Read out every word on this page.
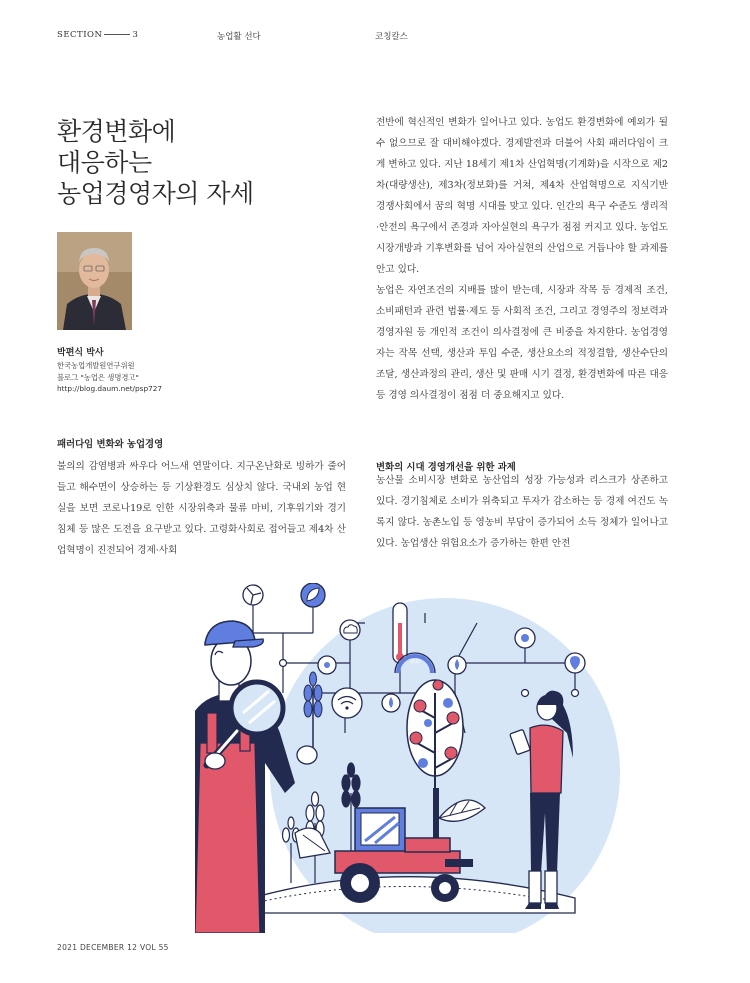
SECTION	3	농업활 선다	코칭칼스
환경변화에
대응하는
농업경영자의 자세
박편식 박사
한국농업개발원연구위원
블로그 "농업은 생명경고"
http://blog.daum.net/psp727
패러다임 변화와 농업경영

불의의 감염병과 싸우다 어느새 연말이다. 지구온난화로 빙하가 줄어들고 해수면이 상승하는 등 기상환경도 심상치 않다. 국내외 농업 현실을 보면 코로나19로 인한 시장위축과 물류 마비, 기후위기와 경기침체 등 많은 도전을 요구받고 있다. 고령화사회로 접어들고 제4차 산업혁명이 진전되어 경제·사회

전반에 혁신적인 변화가 일어나고 있다. 농업도 환경변화에 예외가 될 수 없으므로 잘 대비해야겠다. 경제발전과 더불어 사회 패러다임이 크게 변하고 있다. 지난 18세기 제1차 산업혁명(기계화)을 시작으로 제2차(대량생산), 제3차(정보화)를 거쳐, 제4차 산업혁명으로 지식기반 경쟁사회에서 꿈의 혁명 시대를 맞고 있다. 인간의 욕구 수준도 생리적·안전의 욕구에서 존경과 자아실현의 욕구가 점점 커지고 있다. 농업도 시장개방과 기후변화를 넘어 자아실현의 산업으로 거듭나야 할 과제를 안고 있다.

농업은 자연조건의 지배를 많이 받는데, 시장과 작목 등 경제적 조건, 소비패턴과 관련 법률·제도 등 사회적 조건, 그리고 경영주의 정보력과 경영자원 등 개인적 조건이 의사결정에 큰 비중을 차지한다. 농업경영자는 작목 선택, 생산과 투입 수준, 생산요소의 적정결합, 생산수단의 조달, 생산과정의 관리, 생산 및 판매 시기 결정, 환경변화에 따른 대응 등 경영 의사결정이 점점 더 중요해지고 있다.

변화의 시대 경영개선을 위한 과제

농산물 소비시장 변화로 농산업의 성장 가능성과 리스크가 상존하고 있다. 경기침체로 소비가 위축되고 투자가 감소하는 등 경제 여건도 녹록지 않다. 농촌노입 등 영농비 부담이 증가되어 소득 정체가 일어나고 있다. 농업생산 위험요소가 증가하는 한편 안전

VLD
2021 DECEMBER 12 VOL 55
